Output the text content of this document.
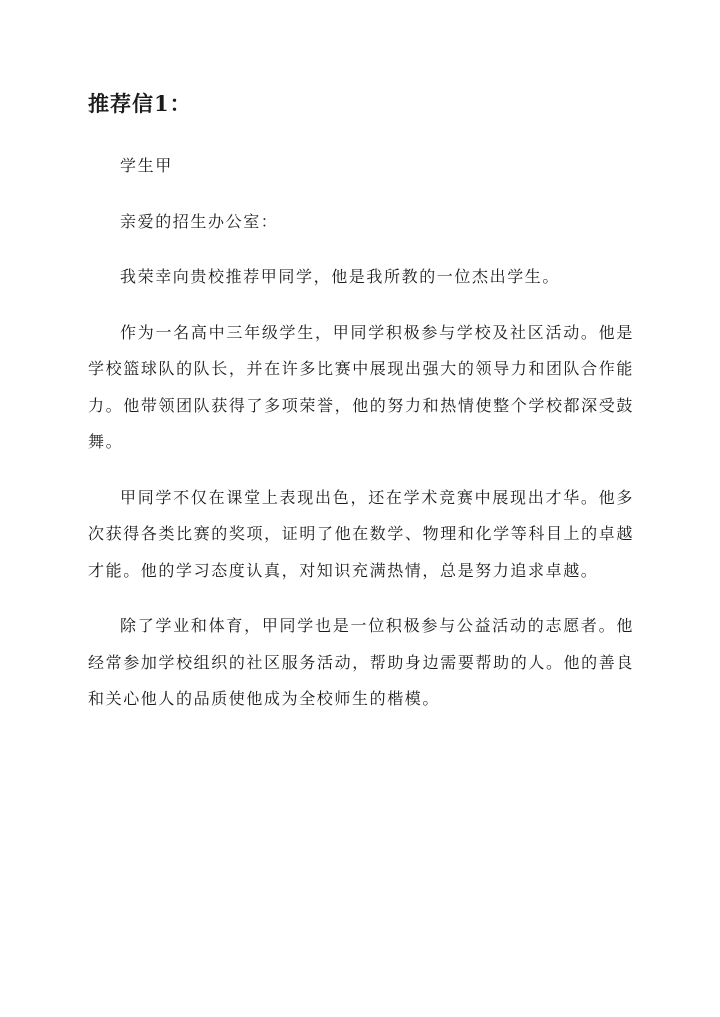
推荐信1：

学生甲

亲爱的招生办公室：

我荣幸向贵校推荐甲同学，他是我所教的一位杰出学生。

作为一名高中三年级学生，甲同学积极参与学校及社区活动。他是学校篮球队的队长，并在许多比赛中展现出强大的领导力和团队合作能力。他带领团队获得了多项荣誉，他的努力和热情使整个学校都深受鼓舞。

甲同学不仅在课堂上表现出色，还在学术竞赛中展现出才华。他多次获得各类比赛的奖项，证明了他在数学、物理和化学等科目上的卓越才能。他的学习态度认真，对知识充满热情，总是努力追求卓越。

除了学业和体育，甲同学也是一位积极参与公益活动的志愿者。他经常参加学校组织的社区服务活动，帮助身边需要帮助的人。他的善良和关心他人的品质使他成为全校师生的楷模。
